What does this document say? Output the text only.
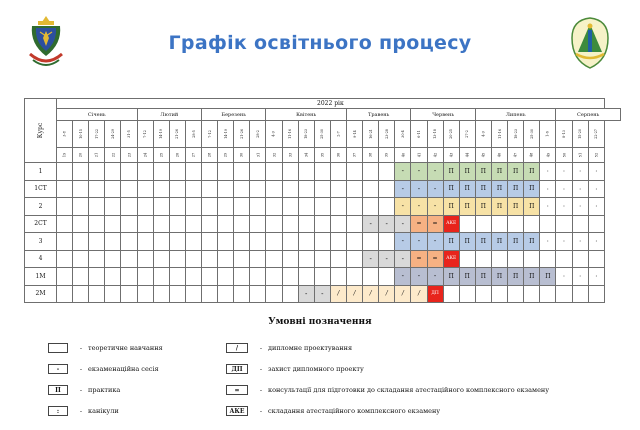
Графік освітнього процесу
Курс	2022 рік																																	
	Січень					Лютий				Березень				Квітень					Травень				Червень				Липень					Серпень		
	3-8	10-15	17-22	24-29	31-5	7-12	14-19	21-26	28-5	7-12	14-19	21-26	28-2	4-9	11-16	18-23	25-30	2-7	9-14	16-21	23-28	30-4	6-11	13-18	20-25	27-2	4-9	11-16	18-23	25-30	1-6	8-13	15-20	22-27
	19	20	21	22	23	24	25	26	27	28	29	30	31	32	33	34	35	36	37	38	39	40	41	42	43	44	45	46	47	48	49	50	51	52
1																						-	-	-	П	П	П	П	П	П	:	:	:	:
1СТ																						-	-	-	П	П	П	П	П	П	:	:	:	:
2																						-	-	-	П	П	П	П	П	П	:	:	:	:
2СТ																				-	-	-	=	=	АКЕ									
3																						-	-	-	П	П	П	П	П	П	:	:	:	:
4																				-	-	-	=	=	АКЕ									
1М																						-	-	-	П	П	П	П	П	П	П	:	:	:
2М																-	-	/	/	/	/	/	/	ДП										
Умовні позначення
- теоретичне навчання
-	- екзаменаційна сесія
П	- практика
:	- канікули
/	- дипломне проектування
ДП	- захист дипломного проекту
=	- консультації для підготовки до складання атестаційного комплексного екзамену
АКЕ	- складання атестаційного комплексного екзамену
